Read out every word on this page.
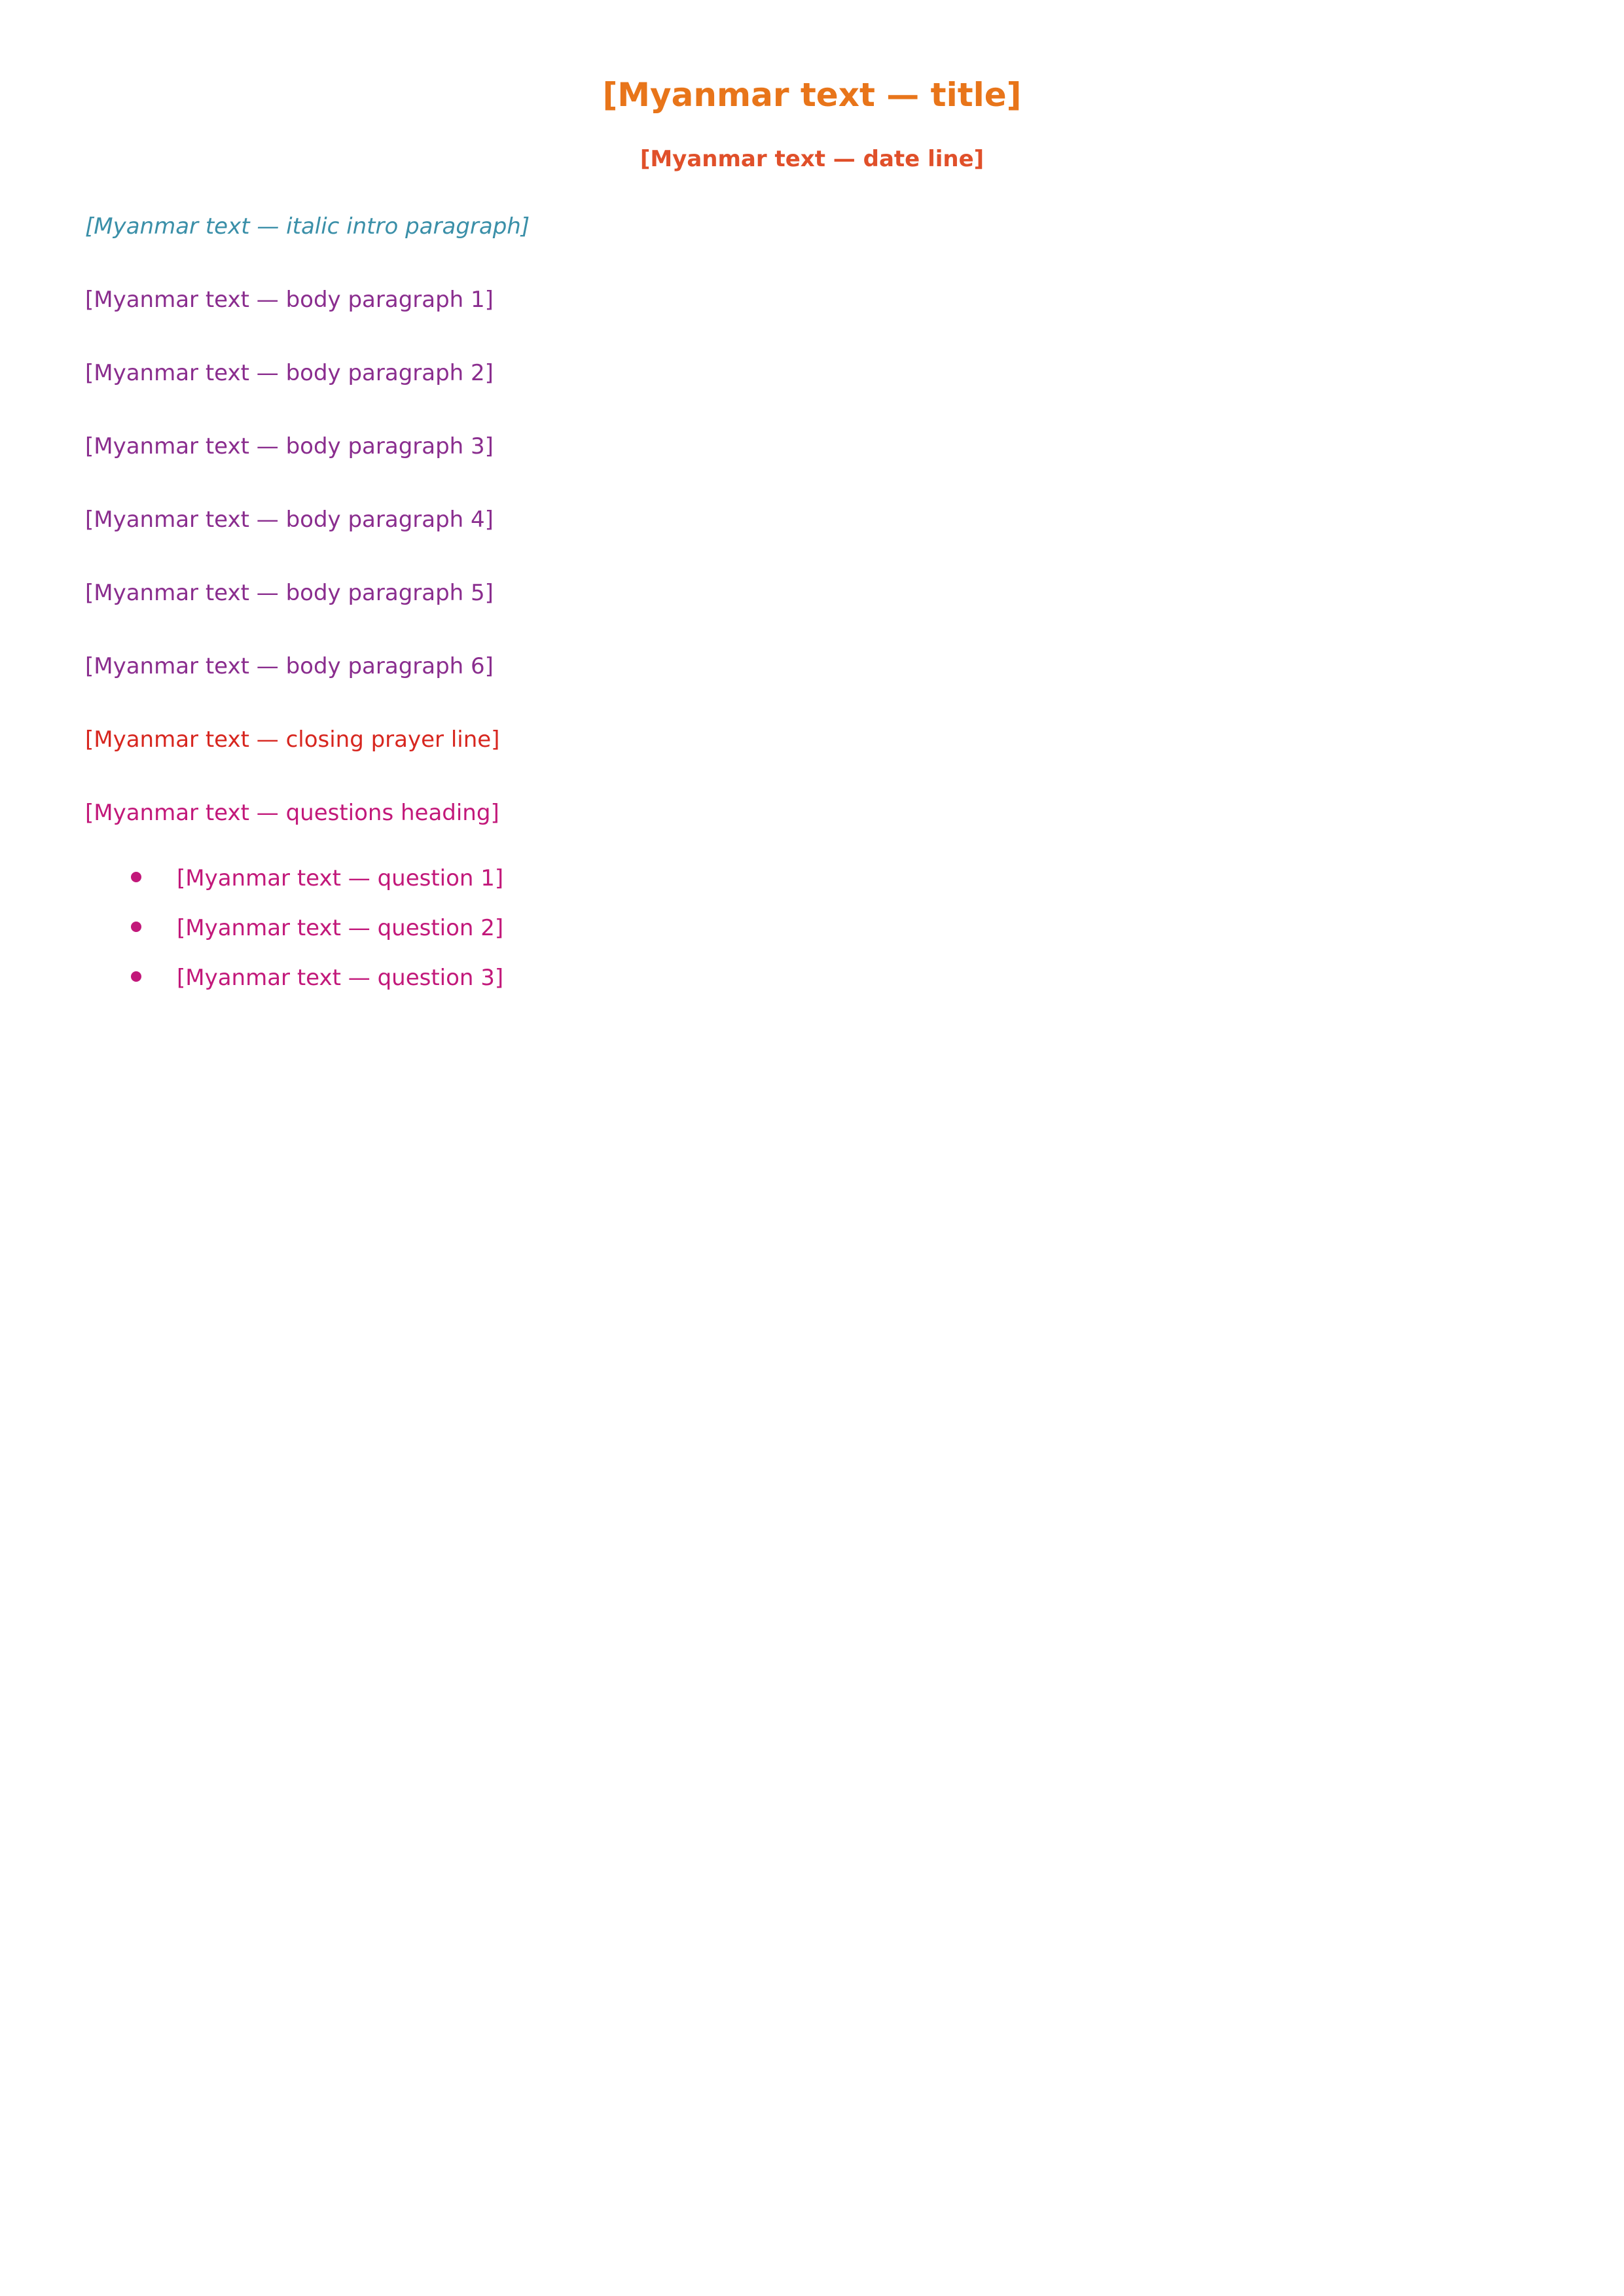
[Myanmar text — title]
[Myanmar text — date line]

[Myanmar text — italic intro paragraph]

[Myanmar text — body paragraph 1]

[Myanmar text — body paragraph 2]

[Myanmar text — body paragraph 3]

[Myanmar text — body paragraph 4]

[Myanmar text — body paragraph 5]

[Myanmar text — body paragraph 6]

[Myanmar text — closing prayer line]

[Myanmar text — questions heading]

[Myanmar text — question 1]
[Myanmar text — question 2]
[Myanmar text — question 3]
